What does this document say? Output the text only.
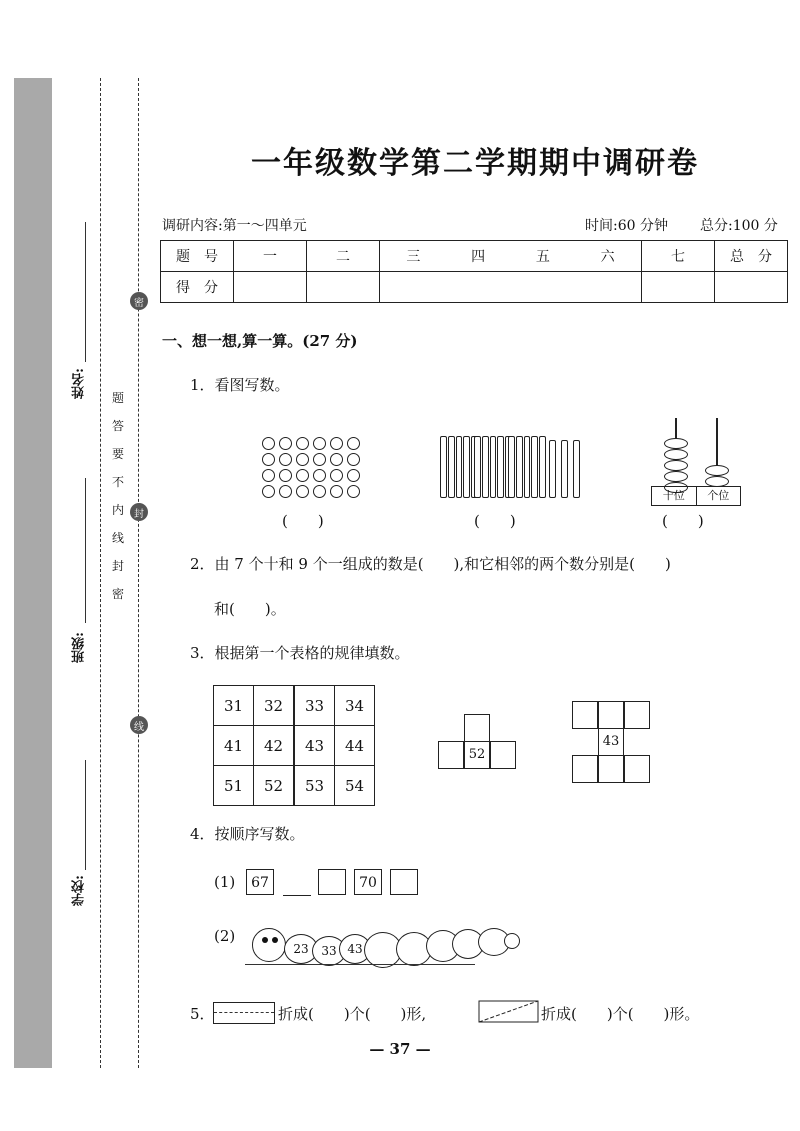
学校:
班级:
姓名: 题
答
要
不
内
线
封
密
密
封
线
一年级数学第二学期期中调研卷
调研内容:第一～四单元	时间:60 分钟 总分:100 分
题　号	一	二	三 四 五 六	七	总　分
得　分					
一、想一想,算一算。(27 分)
1．看图写数。
(　　)	(　　)
十位	个位
(　　)
2．由 7 个十和 9 个一组成的数是(　　),和它相邻的两个数分别是(　　)
和(　　)。
3．根据第一个表格的规律填数。
31	32	33	34
41	42	43	44
51	52	53	54
52
43
4．按顺序写数。
(1)	67	70
(2)
23	33 43
5．	折成(　　)个(　　)形,	折成(　　)个(　　)形。
— 37 —
